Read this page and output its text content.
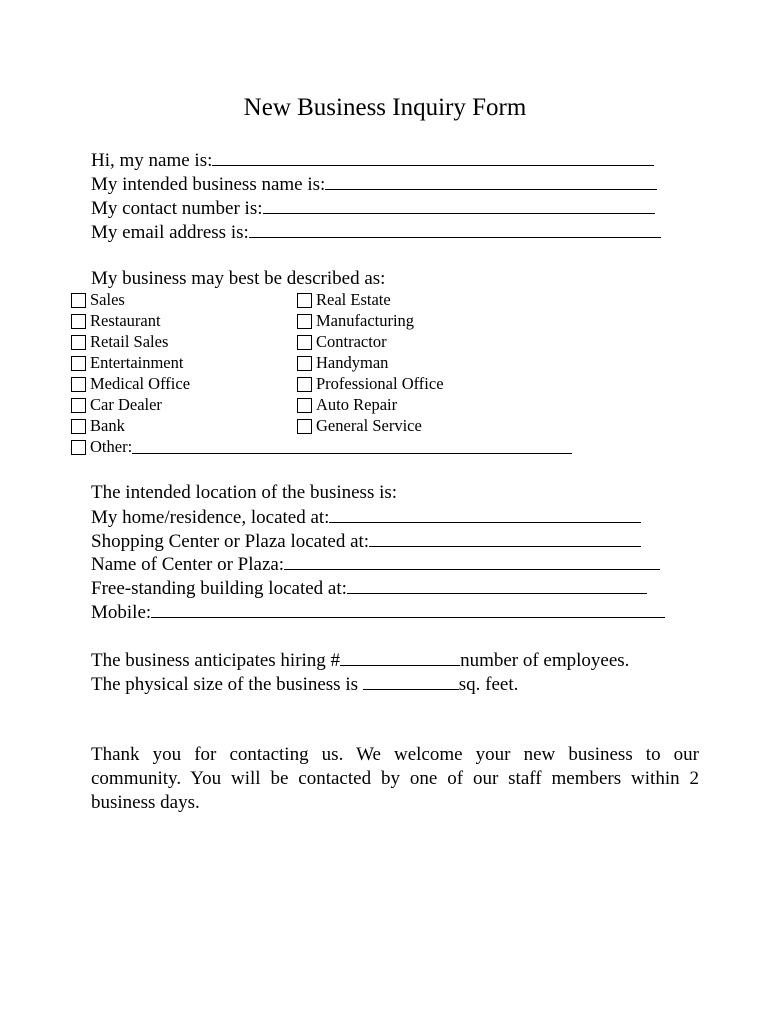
New Business Inquiry Form
Hi, my name is:
My intended business name is:
My contact number is:
My email address is:
My business may best be described as:
Sales
Restaurant
Retail Sales
Entertainment
Medical Office
Car Dealer
Bank
Real Estate
Manufacturing
Contractor
Handyman
Professional Office
Auto Repair
General Service
Other:
The intended location of the business is:
My home/residence, located at:
Shopping Center or Plaza located at:
Name of Center or Plaza:
Free-standing building located at:
Mobile:
The business anticipates hiring #	number of employees.
The physical size of the business is	sq. feet.
Thank you for contacting us. We welcome your new business to our community. You will be contacted by one of our staff members within 2 business days.
